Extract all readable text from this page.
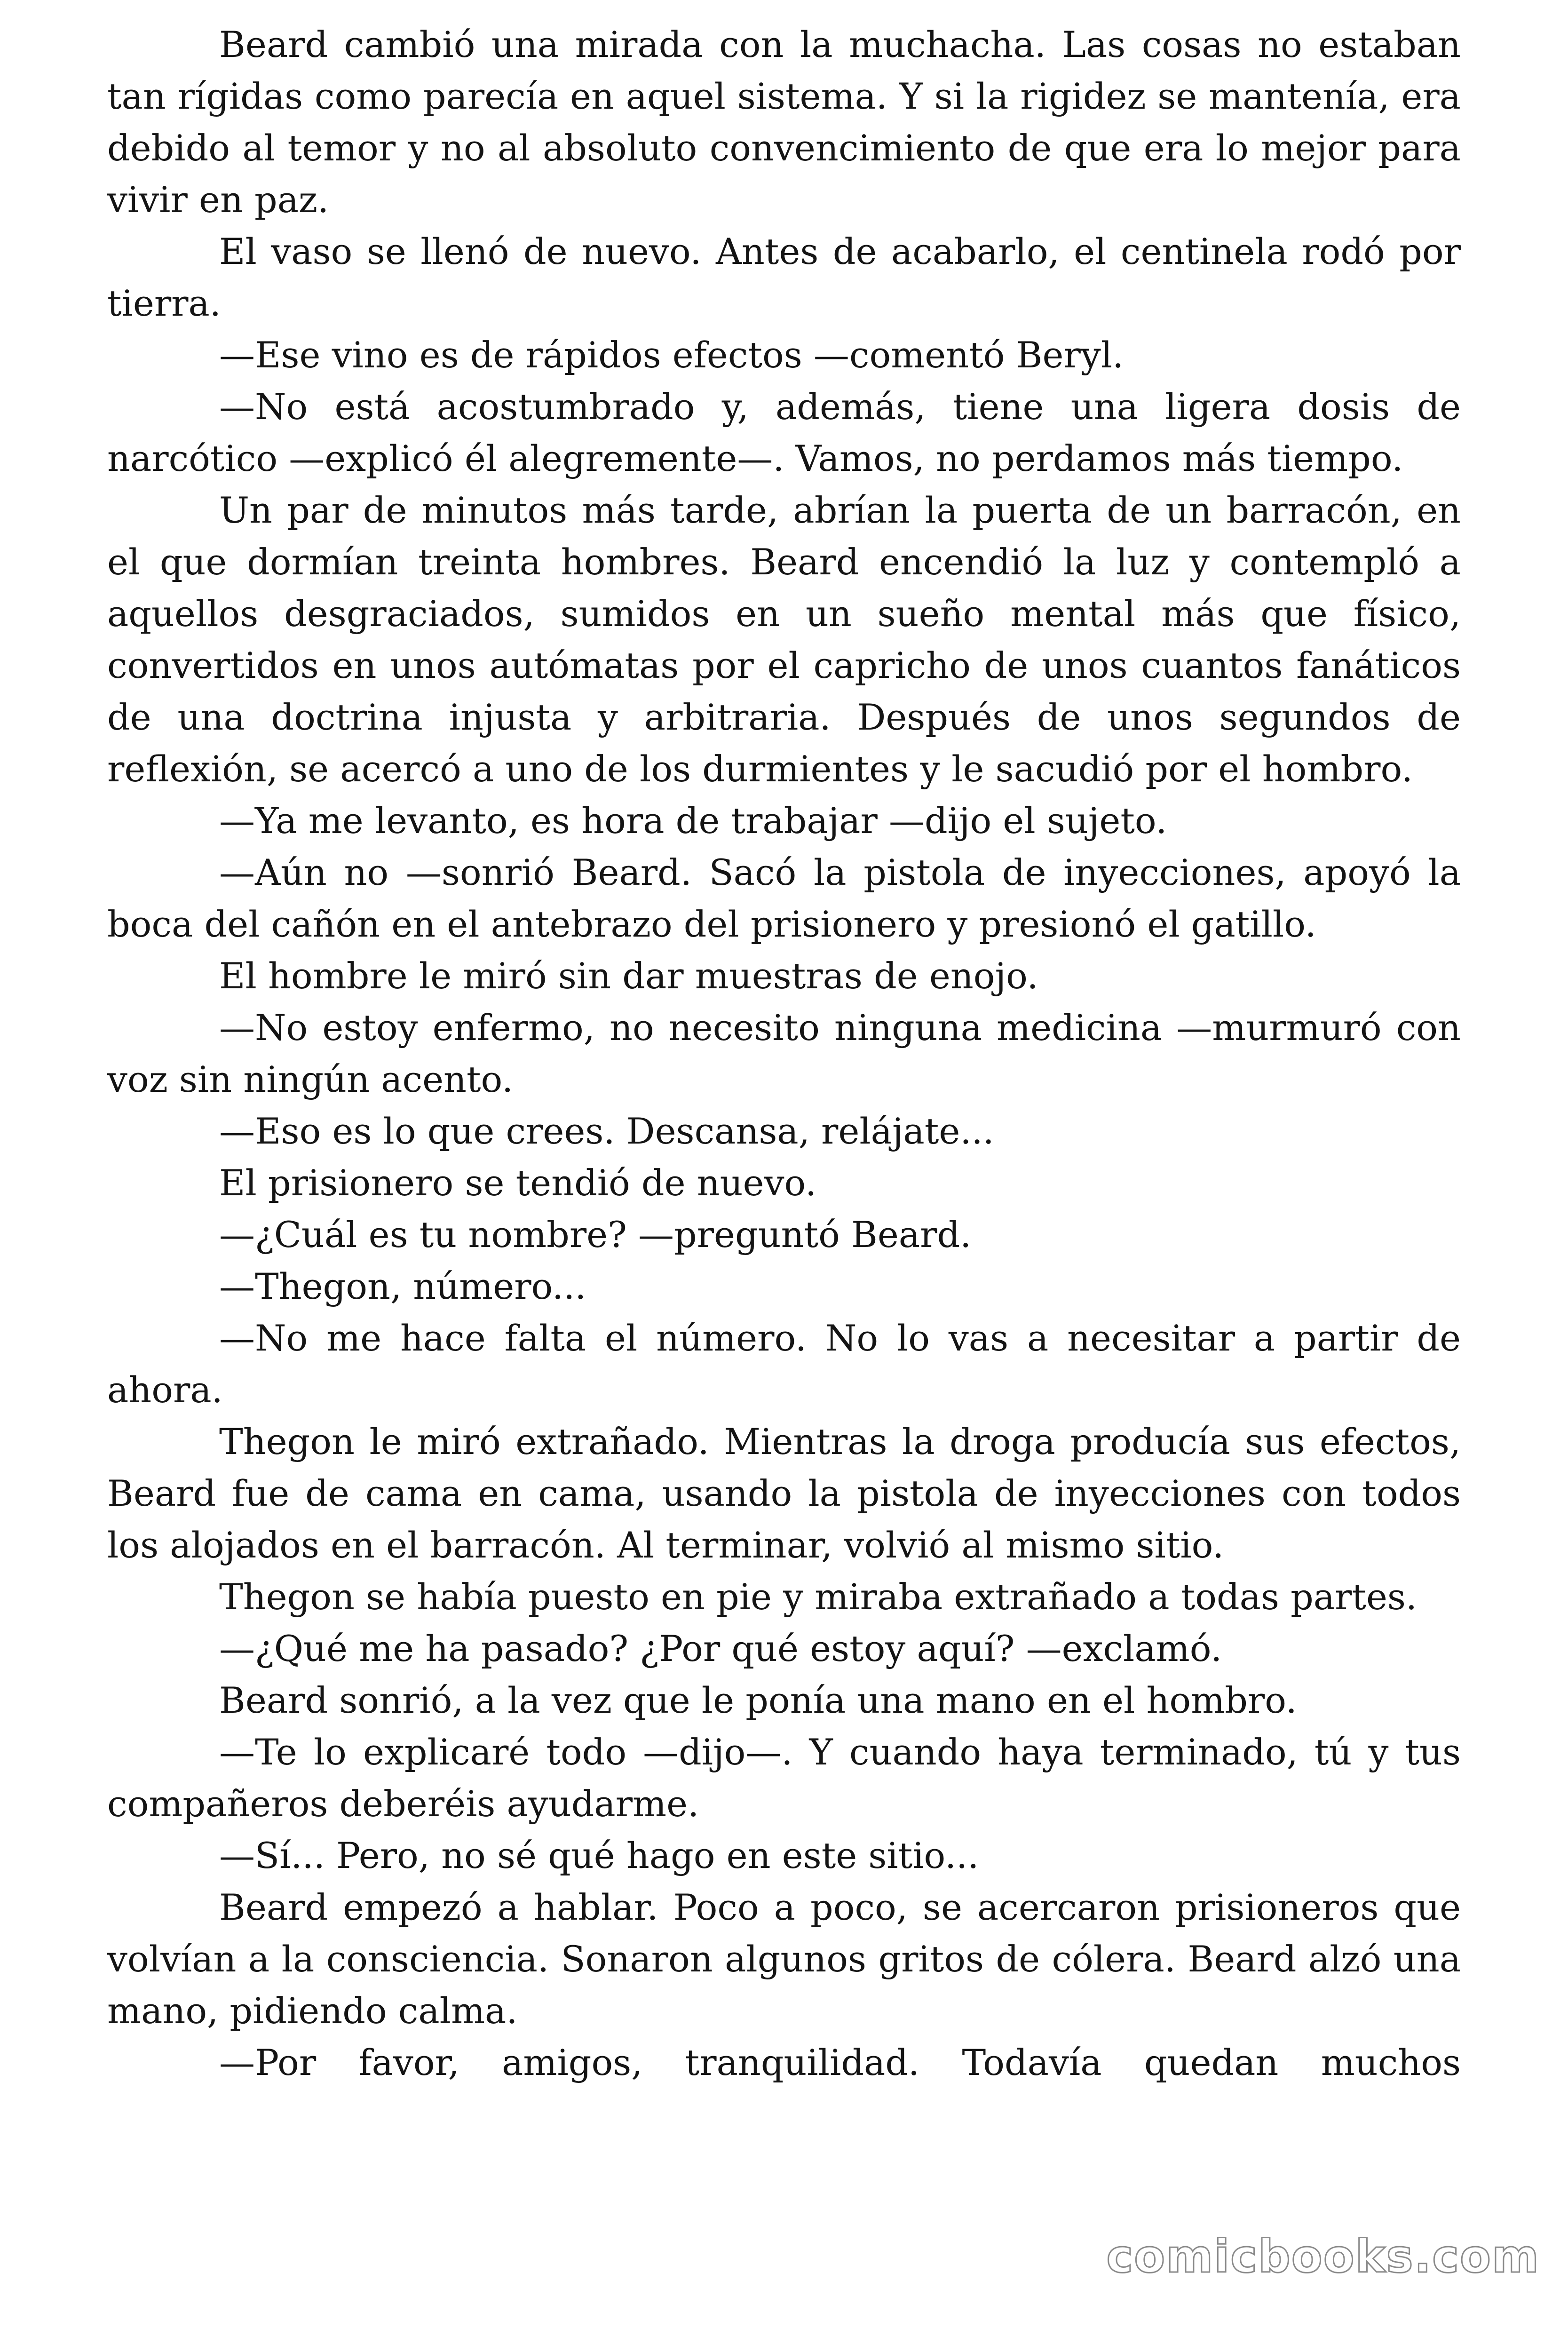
Beard cambió una mirada con la muchacha. Las cosas no estaban tan rígidas como parecía en aquel sistema. Y si la rigidez se mantenía, era debido al temor y no al absoluto convencimiento de que era lo mejor para vivir en paz.

El vaso se llenó de nuevo. Antes de acabarlo, el centinela rodó por tierra.

—Ese vino es de rápidos efectos —comentó Beryl.

—No está acostumbrado y, además, tiene una ligera dosis de narcótico —explicó él alegremente—. Vamos, no perdamos más tiempo.

Un par de minutos más tarde, abrían la puerta de un barracón, en el que dormían treinta hombres. Beard encendió la luz y contempló a aquellos desgraciados, sumidos en un sueño mental más que físico, convertidos en unos autómatas por el capricho de unos cuantos fanáticos de una doctrina injusta y arbitraria. Después de unos segundos de reflexión, se acercó a uno de los durmientes y le sacudió por el hombro.

—Ya me levanto, es hora de trabajar —dijo el sujeto.

—Aún no —sonrió Beard. Sacó la pistola de inyecciones, apoyó la boca del cañón en el antebrazo del prisionero y presionó el gatillo.

El hombre le miró sin dar muestras de enojo.

—No estoy enfermo, no necesito ninguna medicina —murmuró con voz sin ningún acento.

—Eso es lo que crees. Descansa, relájate...

El prisionero se tendió de nuevo.

—¿Cuál es tu nombre? —preguntó Beard.

—Thegon, número...

—No me hace falta el número. No lo vas a necesitar a partir de ahora.

Thegon le miró extrañado. Mientras la droga producía sus efectos, Beard fue de cama en cama, usando la pistola de inyecciones con todos los alojados en el barracón. Al terminar, volvió al mismo sitio.

Thegon se había puesto en pie y miraba extrañado a todas partes.

—¿Qué me ha pasado? ¿Por qué estoy aquí? —exclamó.

Beard sonrió, a la vez que le ponía una mano en el hombro.

—Te lo explicaré todo —dijo—. Y cuando haya terminado, tú y tus compañeros deberéis ayudarme.

—Sí... Pero, no sé qué hago en este sitio...

Beard empezó a hablar. Poco a poco, se acercaron prisioneros que volvían a la consciencia. Sonaron algunos gritos de cólera. Beard alzó una mano, pidiendo calma.

—Por favor, amigos, tranquilidad. Todavía quedan muchos

comicbooks.com
